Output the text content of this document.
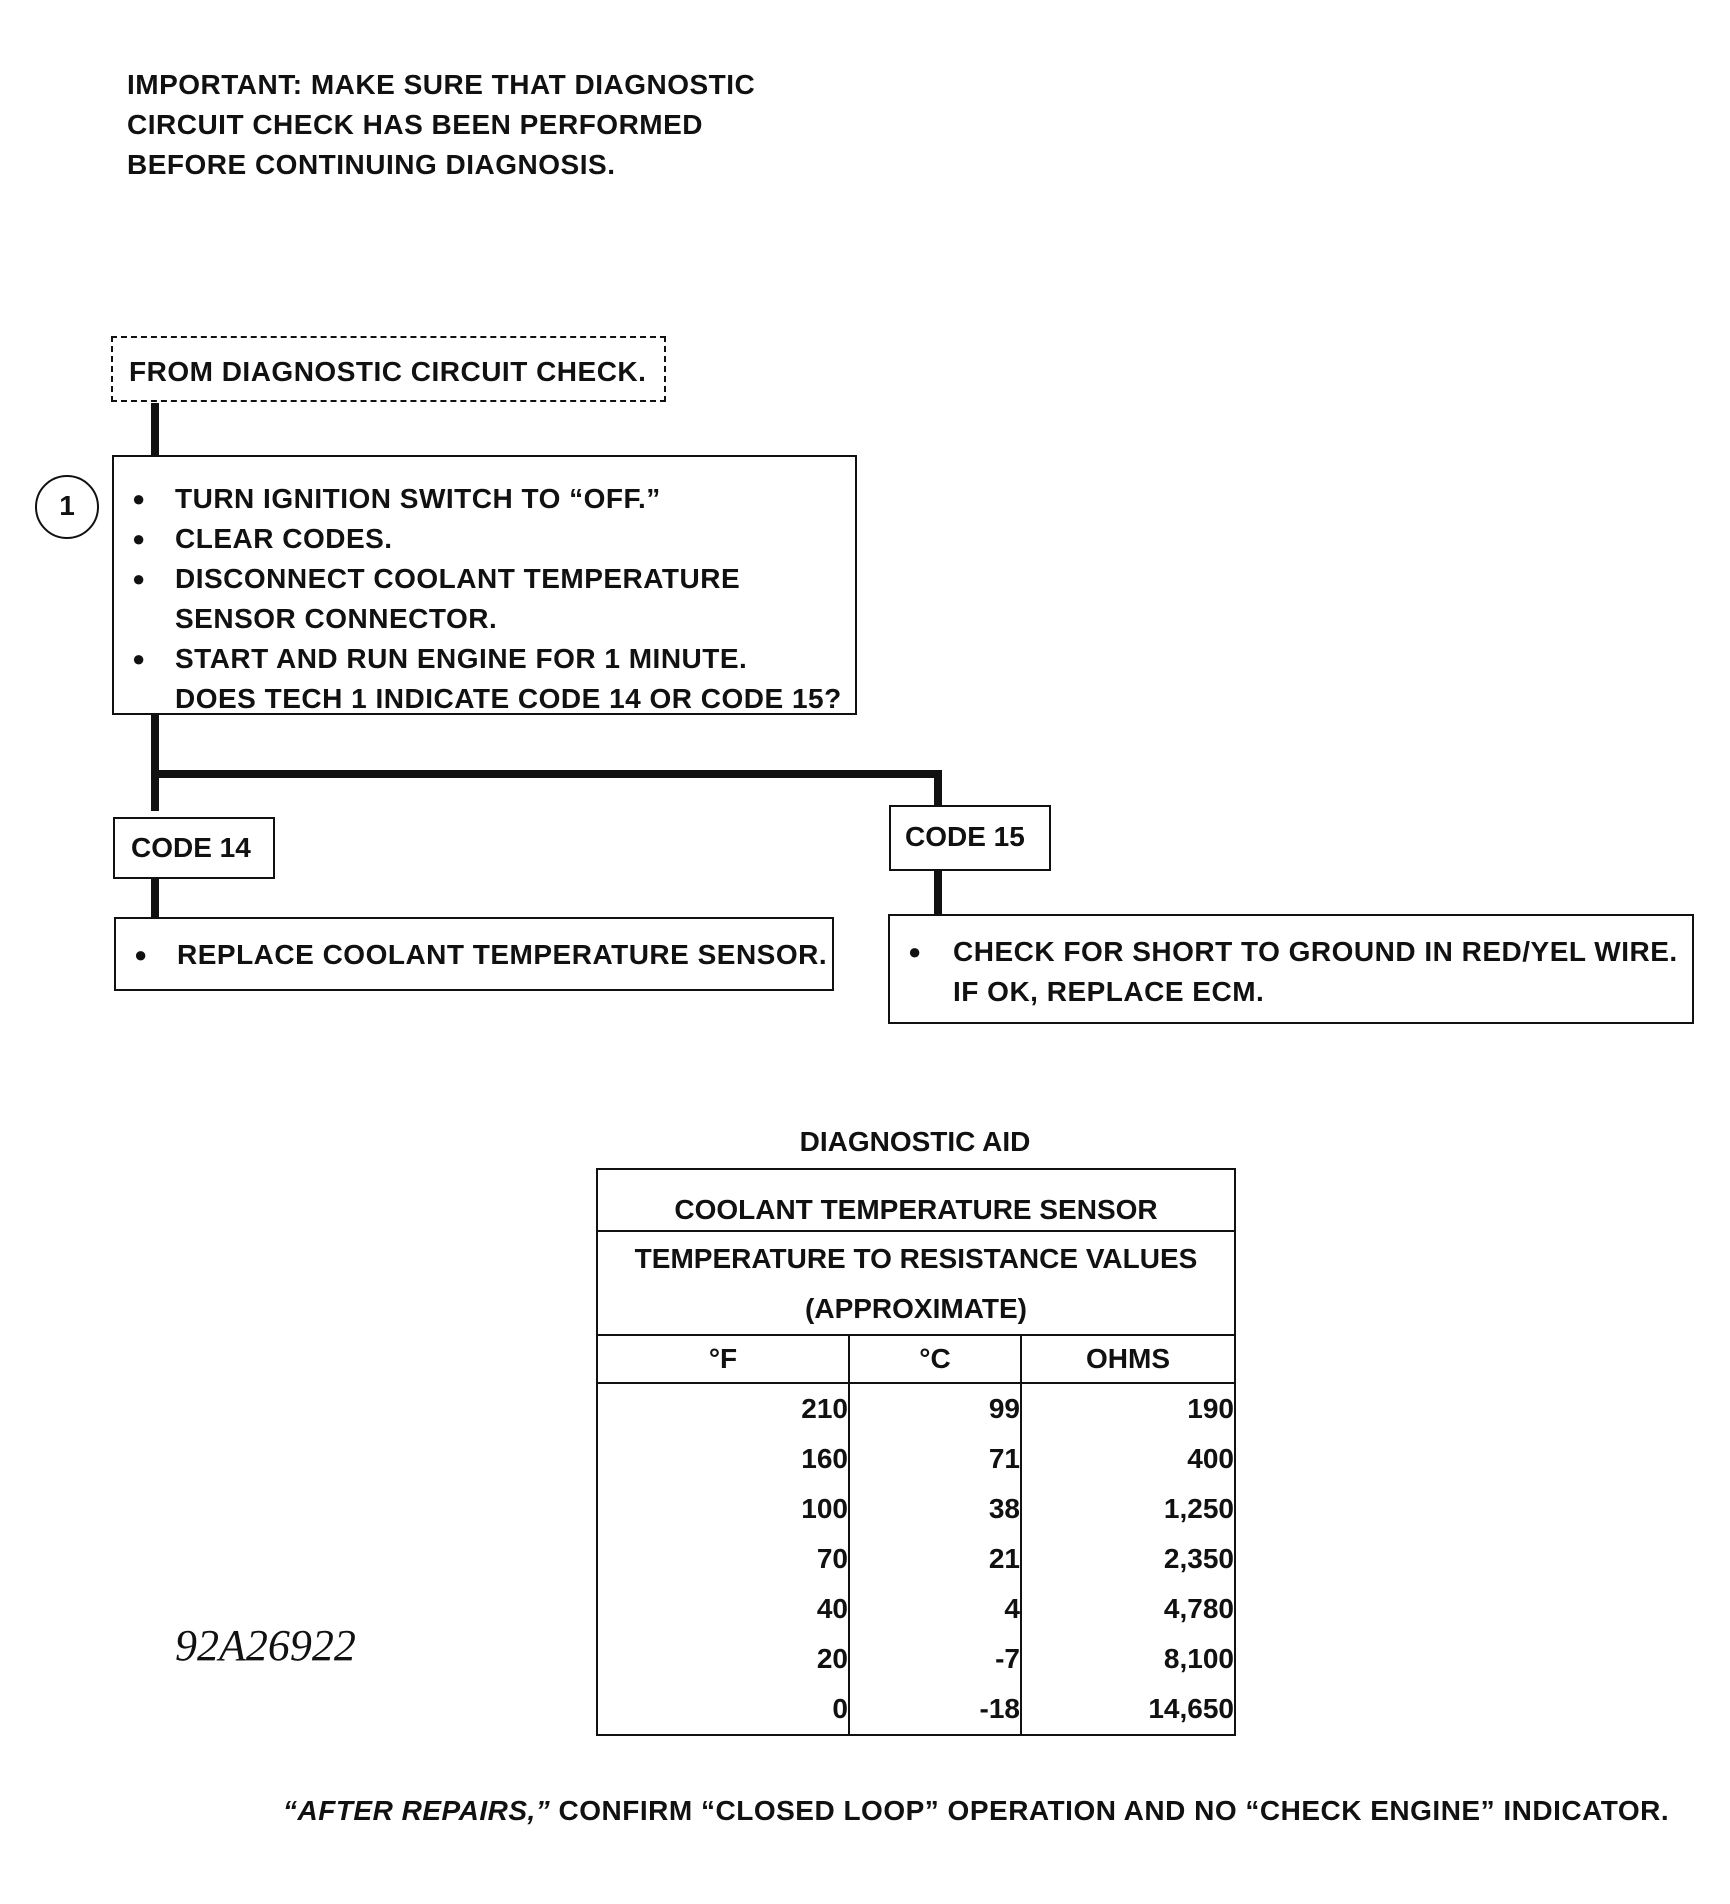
IMPORTANT: MAKE SURE THAT DIAGNOSTIC
CIRCUIT CHECK HAS BEEN PERFORMED
BEFORE CONTINUING DIAGNOSIS.
FROM DIAGNOSTIC CIRCUIT CHECK.
1	● TURN IGNITION SWITCH TO “OFF.”
● CLEAR CODES.
● DISCONNECT COOLANT TEMPERATURE
SENSOR CONNECTOR.
● START AND RUN ENGINE FOR 1 MINUTE.
DOES TECH 1 INDICATE CODE 14 OR CODE 15?
CODE 14	CODE 15
● REPLACE COOLANT TEMPERATURE SENSOR.	● CHECK FOR SHORT TO GROUND IN RED/YEL WIRE.
IF OK, REPLACE ECM.
DIAGNOSTIC AID
COOLANT TEMPERATURE SENSOR		

TEMPERATURE TO RESISTANCE VALUES
(APPROXIMATE)		

°F	°C	OHMS
210	99	190
160	71	400
100	38	1,250
70	21	2,350
40	4	4,780
20	-7	8,100
0	-18	14,650
92A26922
“AFTER REPAIRS,” CONFIRM “CLOSED LOOP” OPERATION AND NO “CHECK ENGINE” INDICATOR.
